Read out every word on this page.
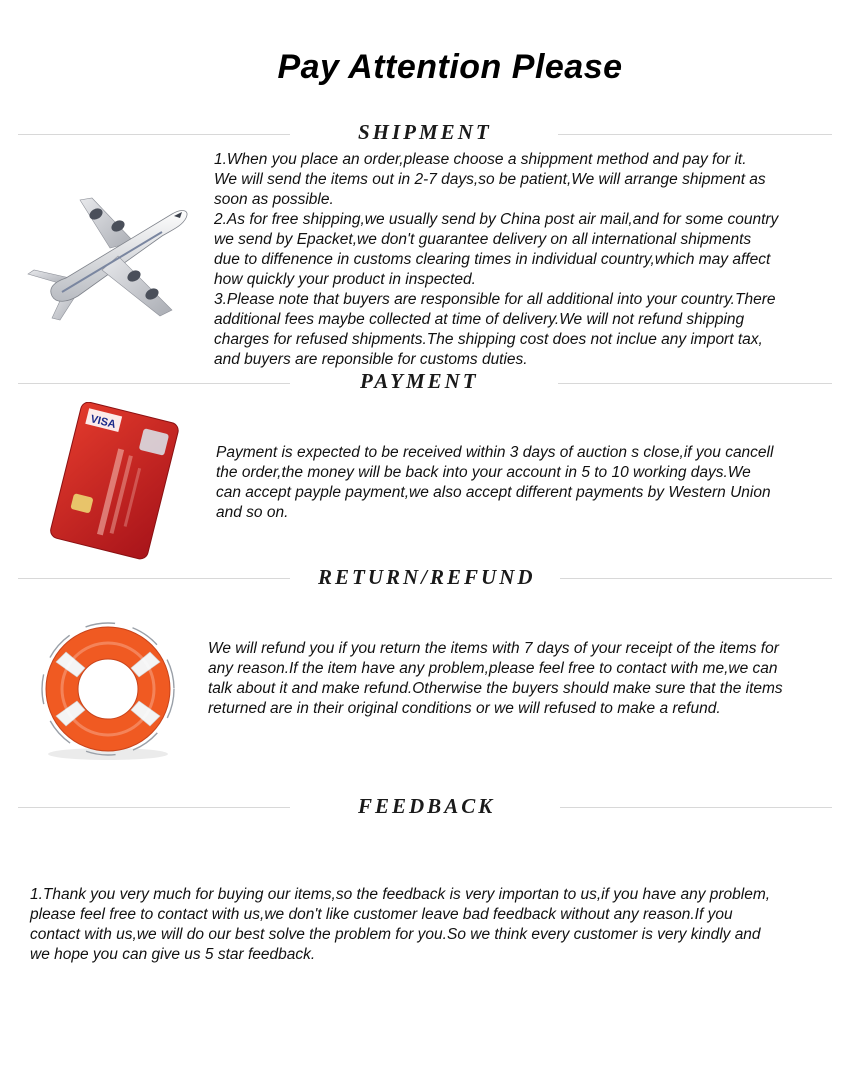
Pay Attention Please
SHIPMENT

1.When you place an order,please choose a shippment method and pay for it.

We will send the items out in 2-7 days,so be patient,We will arrange shipment as

soon as possible.

2.As for free shipping,we usually send by China post air mail,and for some country

we send by Epacket,we don't guarantee delivery on all international shipments

due to diffenence in customs clearing times in individual country,which may affect

how quickly your product in inspected.

3.Please note that buyers are responsible for all additional into your country.There

additional fees maybe collected at time of delivery.We will not refund shipping

charges for refused shipments.The shipping cost does not inclue any import tax,

and buyers are reponsible for customs duties.

PAYMENT
VISA

Payment is expected to be received within 3 days of auction s close,if you cancell

the order,the money will be back into your account in 5 to 10 working days.We

can accept payple payment,we also accept different payments by Western Union

and so on.

RETURN/REFUND

We will refund you if you return the items with 7 days of your receipt of the items for

any reason.If the item have any problem,please feel free to contact with me,we can

talk about it and make refund.Otherwise the buyers should make sure that the items

returned are in their original conditions or we will refused to make a refund.

FEEDBACK

1.Thank you very much for buying our items,so the feedback is very importan to us,if you have any problem,

please feel free to contact with us,we don't like customer leave bad feedback without any reason.If you

contact with us,we will do our best solve the problem for you.So we think every customer is very kindly and

we hope you can give us 5 star feedback.
